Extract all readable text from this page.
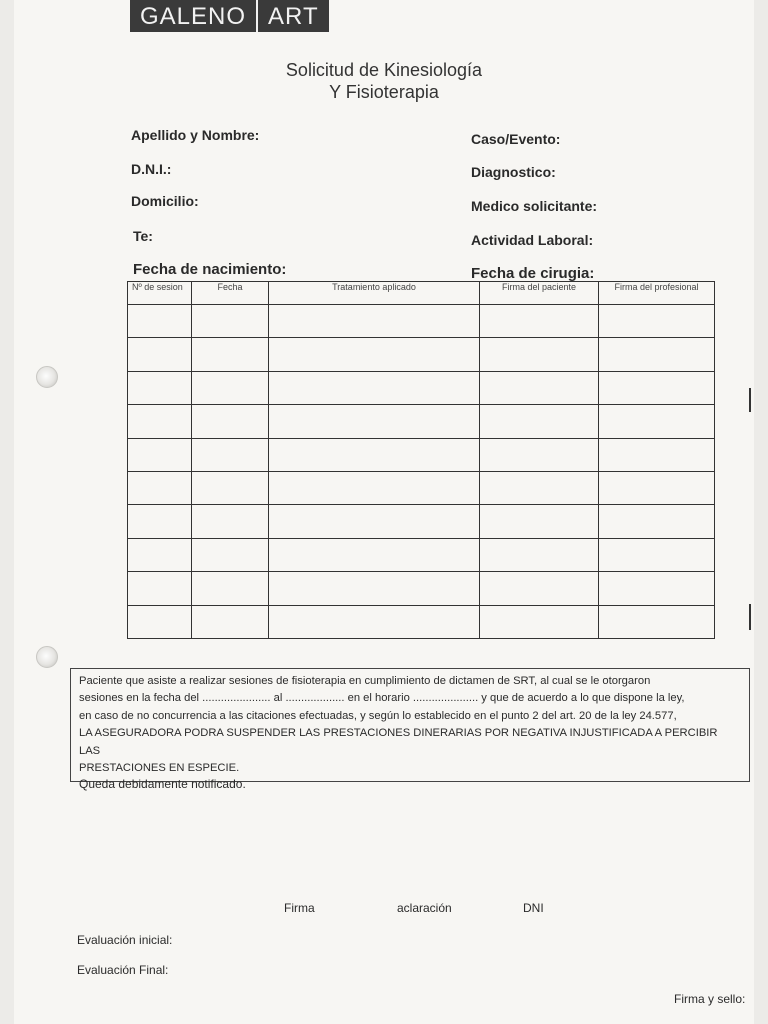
GALENO ART
Solicitud de Kinesiología
Y Fisioterapia
Apellido y Nombre:
D.N.I.:
Domicilio:
Te:
Fecha de nacimiento:
Caso/Evento:
Diagnostico:
Medico solicitante:
Actividad Laboral:
Fecha de cirugia:
Nº de sesion	Fecha	Tratamiento aplicado	Firma del paciente	Firma del profesional

Paciente que asiste a realizar sesiones de fisioterapia en cumplimiento de dictamen de SRT, al cual se le otorgaron
sesiones en la fecha del ...................... al ................... en el horario ..................... y que de acuerdo a lo que dispone la ley,
en caso de no concurrencia a las citaciones efectuadas, y según lo establecido en el punto 2 del art. 20 de la ley 24.577,
LA ASEGURADORA PODRA SUSPENDER LAS PRESTACIONES DINERARIAS POR NEGATIVA INJUSTIFICADA A PERCIBIR LAS
PRESTACIONES EN ESPECIE.
Queda debidamente notificado.
Firma	aclaración	DNI
Evaluación inicial:
Evaluación Final:
Firma y sello:
